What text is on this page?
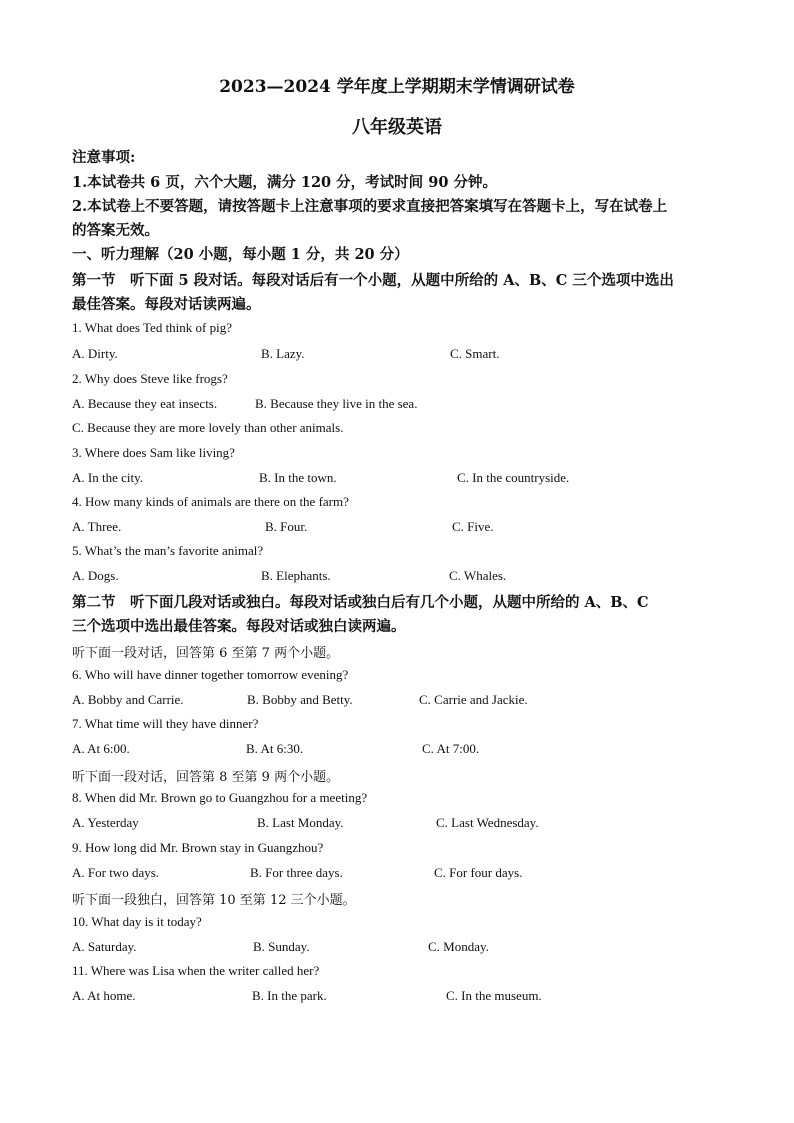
2023—2024 学年度上学期期末学情调研试卷
八年级英语
注意事项:
1.本试卷共 6 页，六个大题，满分 120 分，考试时间 90 分钟。
2.本试卷上不要答题，请按答题卡上注意事项的要求直接把答案填写在答题卡上，写在试卷上
的答案无效。
一、听力理解（20 小题，每小题 1 分，共 20 分）
第一节　听下面 5 段对话。每段对话后有一个小题，从题中所给的 A、B、C 三个选项中选出
最佳答案。每段对话读两遍。
1. What does Ted think of pig?
A. Dirty.	B. Lazy.	C. Smart.
2. Why does Steve like frogs?
A. Because they eat insects.	B. Because they live in the sea.
C. Because they are more lovely than other animals.
3. Where does Sam like living?
A. In the city.	B. In the town.	C. In the countryside.
4. How many kinds of animals are there on the farm?
A. Three.	B. Four.	C. Five.
5. What’s the man’s favorite animal?
A. Dogs.	B. Elephants.	C. Whales.
第二节　听下面几段对话或独白。每段对话或独白后有几个小题，从题中所给的 A、B、C
三个选项中选出最佳答案。每段对话或独白读两遍。
听下面一段对话，回答第 6 至第 7 两个小题。
6. Who will have dinner together tomorrow evening?
A. Bobby and Carrie.	B. Bobby and Betty.	C. Carrie and Jackie.
7. What time will they have dinner?
A. At 6:00.	B. At 6:30.	C. At 7:00.
听下面一段对话，回答第 8 至第 9 两个小题。
8. When did Mr. Brown go to Guangzhou for a meeting?
A. Yesterday	B. Last Monday.	C. Last Wednesday.
9. How long did Mr. Brown stay in Guangzhou?
A. For two days.	B. For three days.	C. For four days.
听下面一段独白，回答第 10 至第 12 三个小题。
10. What day is it today?
A. Saturday.	B. Sunday.	C. Monday.
11. Where was Lisa when the writer called her?
A. At home.	B. In the park.	C. In the museum.
